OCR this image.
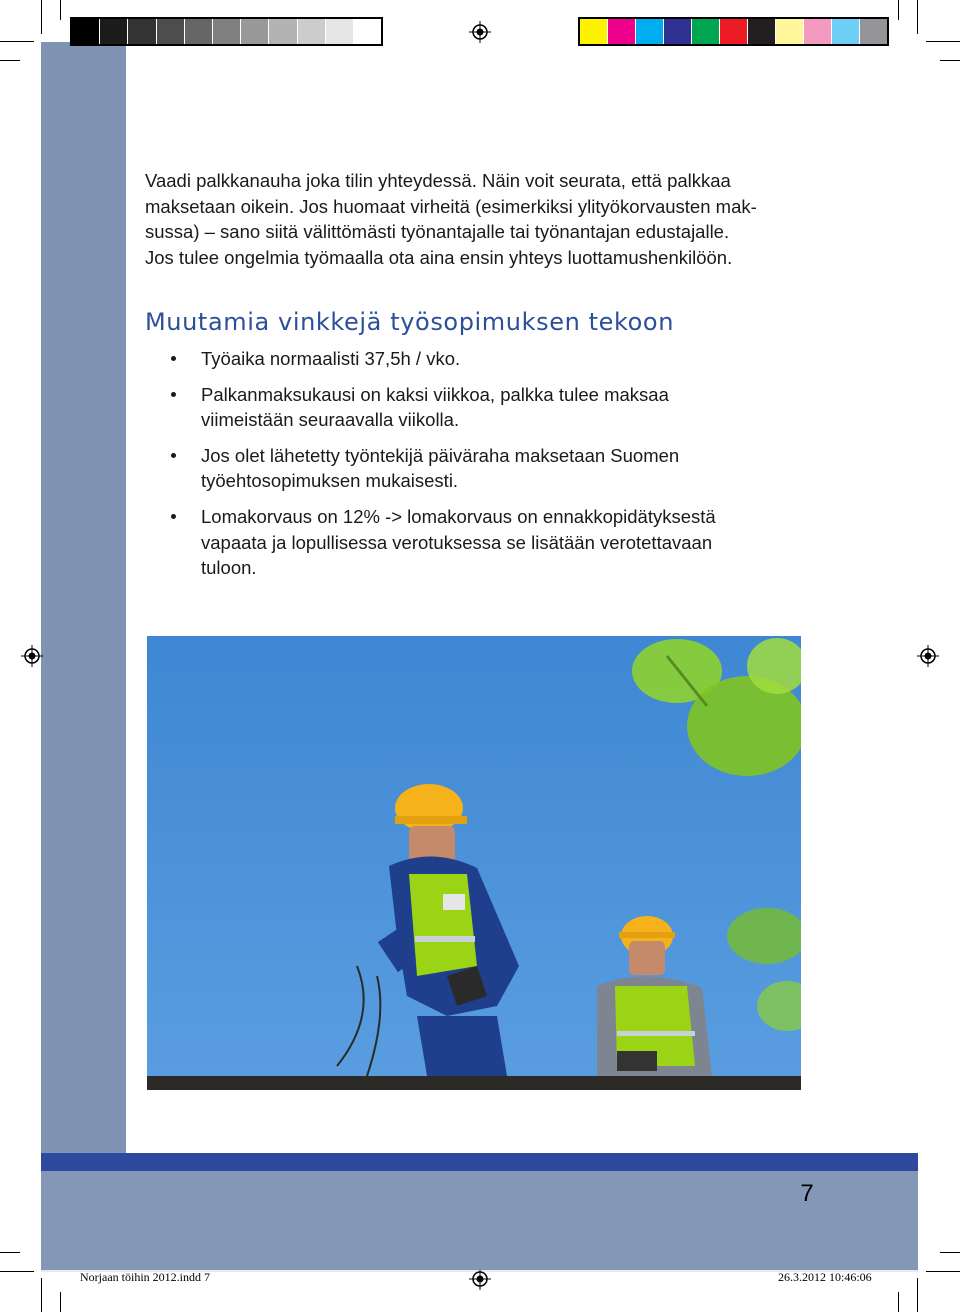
Vaadi palkkanauha joka tilin yhteydessä. Näin voit seurata, että palkkaa
maksetaan oikein. Jos huomaat virheitä (esimerkiksi ylityökorvausten mak-
sussa) – sano siitä välittömästi työnantajalle tai työnantajan edustajalle.
Jos tulee ongelmia työmaalla ota aina ensin yhteys luottamushenkilöön.
Muutamia vinkkejä työsopimuksen tekoon
Työaika normaalisti 37,5h / vko.
Palkanmaksukausi on kaksi viikkoa, palkka tulee maksaa
viimeistään seuraavalla viikolla.
Jos olet lähetetty työntekijä päiväraha maksetaan Suomen
työehtosopimuksen mukaisesti.
Lomakorvaus on 12% -> lomakorvaus on ennakkopidätyksestä
vapaata ja lopullisessa verotuksessa se lisätään verotettavaan
tuloon.
7
Norjaan töihin 2012.indd 7	26.3.2012 10:46:06
